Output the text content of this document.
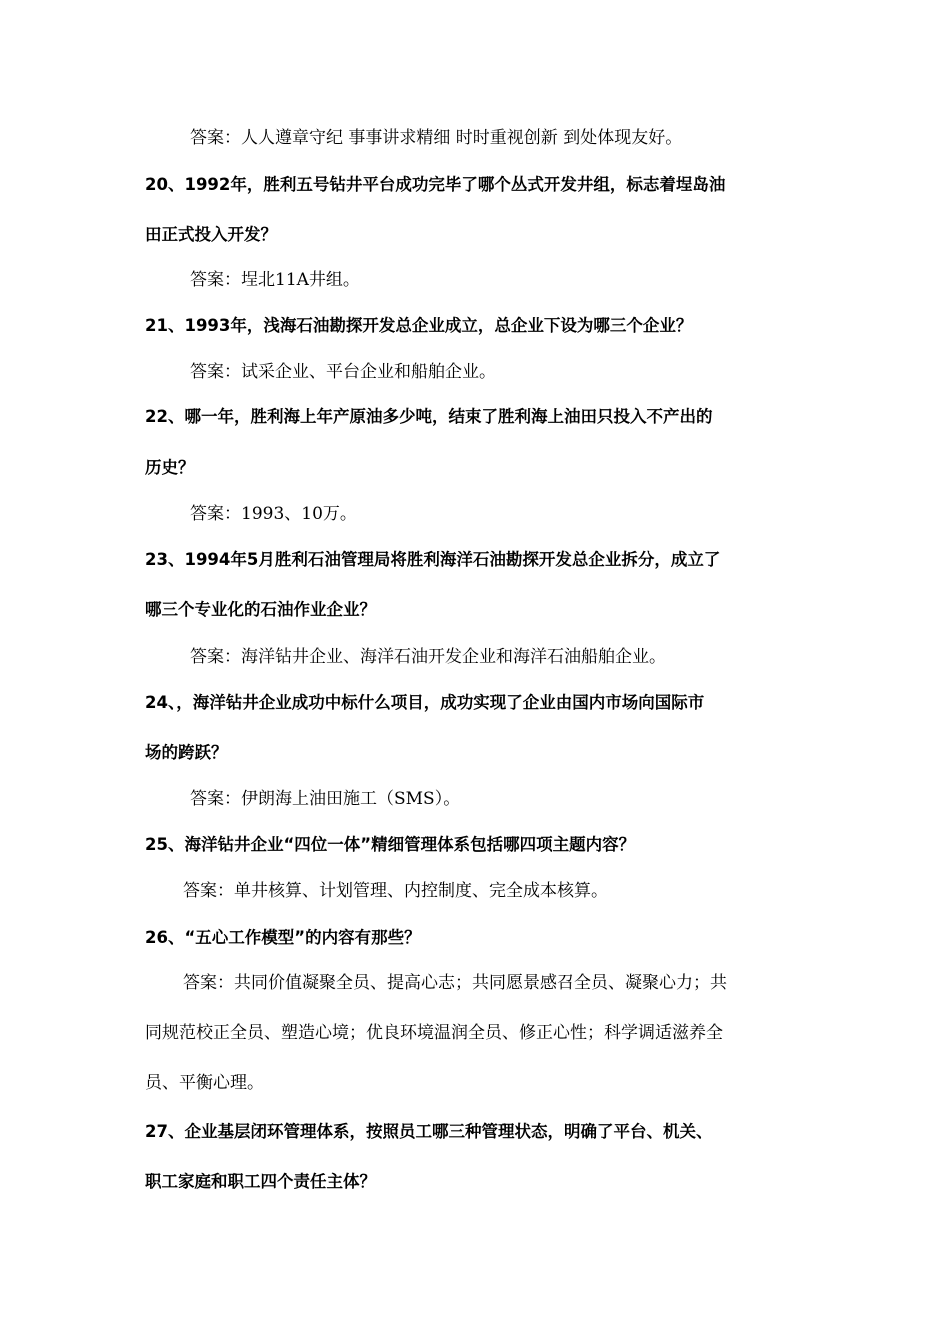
答案：人人遵章守纪 事事讲求精细 时时重视创新 到处体现友好。
20、1992年，胜利五号钻井平台成功完毕了哪个丛式开发井组，标志着埕岛油
田正式投入开发？
答案：埕北11A井组。
21、1993年，浅海石油勘探开发总企业成立，总企业下设为哪三个企业？
答案：试采企业、平台企业和船舶企业。
22、哪一年，胜利海上年产原油多少吨，结束了胜利海上油田只投入不产出的
历史？
答案：1993、10万。
23、1994年5月胜利石油管理局将胜利海洋石油勘探开发总企业拆分，成立了
哪三个专业化的石油作业企业？
答案：海洋钻井企业、海洋石油开发企业和海洋石油船舶企业。
24、，海洋钻井企业成功中标什么项目，成功实现了企业由国内市场向国际市
场的跨跃？
答案：伊朗海上油田施工（SMS）。
25、海洋钻井企业“四位一体”精细管理体系包括哪四项主题内容？
答案：单井核算、计划管理、内控制度、完全成本核算。
26、“五心工作模型”的内容有那些？
答案：共同价值凝聚全员、提高心志；共同愿景感召全员、凝聚心力；共
同规范校正全员、塑造心境；优良环境温润全员、修正心性；科学调适滋养全
员、平衡心理。
27、企业基层闭环管理体系，按照员工哪三种管理状态，明确了平台、机关、
职工家庭和职工四个责任主体？
